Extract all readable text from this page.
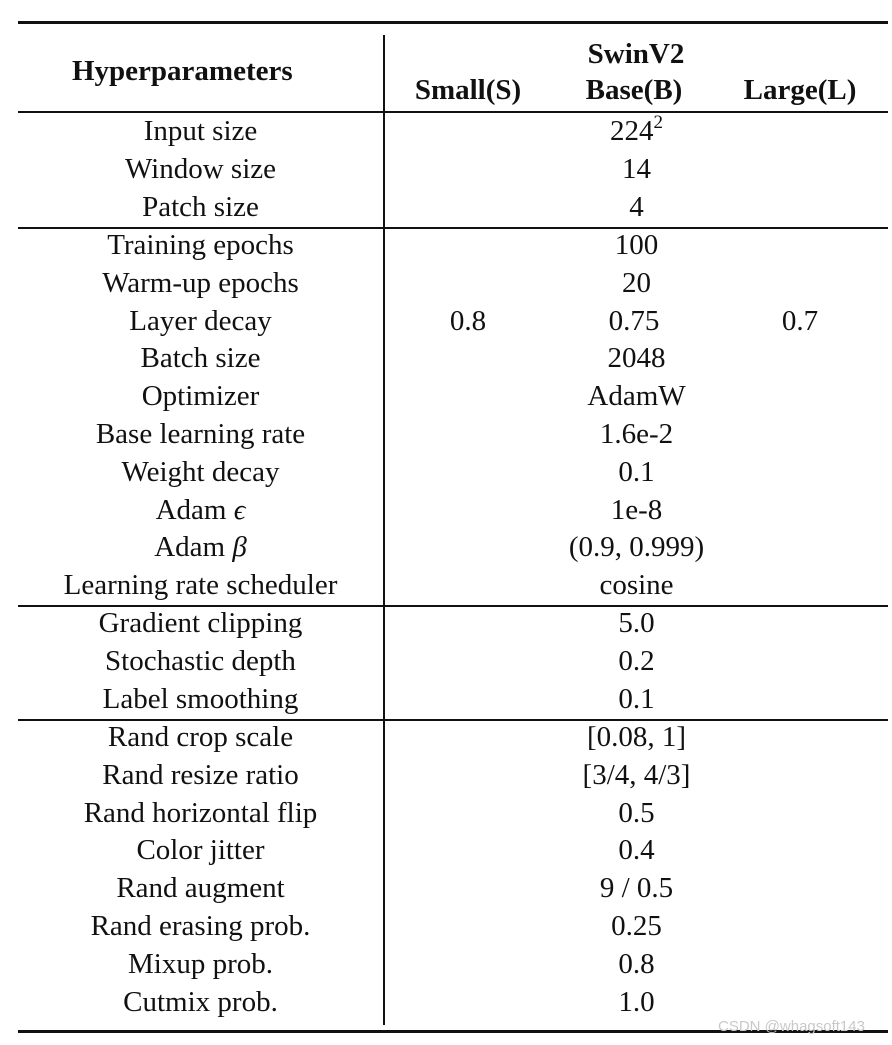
Hyperparameters
SwinV2
Small(S) Base(B) Large(L)
Input size	$224^2$
Window size	14
Patch size	4
Training epochs	100
Warm-up epochs	20
Layer decay	0.8	0.75	0.7
Batch size	2048
Optimizer	AdamW
Base learning rate	1.6e-2
Weight decay	0.1
Adam ϵ	1e-8
Adam β	(0.9, 0.999)
Learning rate scheduler	cosine
Gradient clipping	5.0
Stochastic depth	0.2
Label smoothing	0.1
Rand crop scale	[0.08, 1]
Rand resize ratio	[3/4, 4/3]
Rand horizontal flip	0.5
Color jitter	0.4
Rand augment	9 / 0.5
Rand erasing prob.	0.25
Mixup prob.	0.8
Cutmix prob.	1.0
CSDN @whagsoft143
